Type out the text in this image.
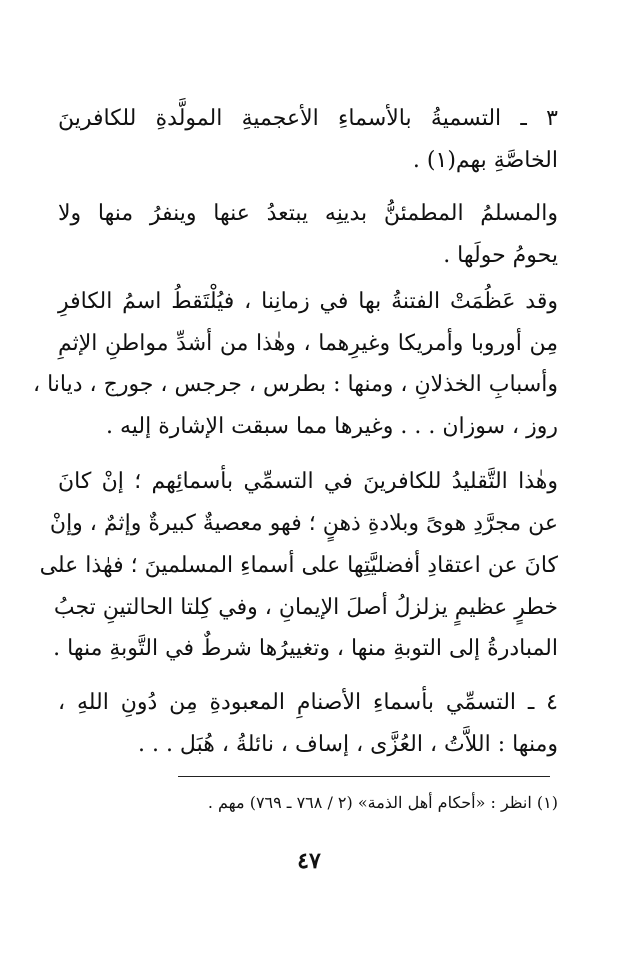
٣ ـ التسميةُ بالأسماءِ الأعجميةِ المولَّدةِ للكافرينَ
الخاصَّةِ بهم(١) .
والمسلمُ المطمئنُّ بدينِه يبتعدُ عنها وينفرُ منها ولا
يحومُ حولَها .
وقد عَظُمَتْ الفتنةُ بها في زمانِنا ، فيُلْتَقطُ اسمُ الكافرِ
مِن أوروبا وأمريكا وغيرِهما ، وهٰذا من أشدِّ مواطنِ الإثمِ
وأسبابِ الخذلانِ ، ومنها : بطرس ، جرجس ، جورج ، ديانا ،
روز ، سوزان . . . وغيرها مما سبقت الإشارة إليه .
وهٰذا التَّقليدُ للكافرينَ في التسمِّي بأسمائِهم ؛ إنْ كانَ
عن مجرَّدِ هوىً وبلادةِ ذهنٍ ؛ فهو معصيةٌ كبيرةٌ وإثمٌ ، وإنْ
كانَ عن اعتقادِ أفضليَّتِها على أسماءِ المسلمينَ ؛ فهٰذا على
خطرٍ عظيمٍ يزلزلُ أصلَ الإيمانِ ، وفي كِلتا الحالتينِ تجبُ
المبادرةُ إلى التوبةِ منها ، وتغييرُها شرطٌ في التَّوبةِ منها .
٤ ـ التسمِّي بأسماءِ الأصنامِ المعبودةِ مِن دُونِ اللهِ ،
ومنها : اللاَّتُ ، العُزَّى ، إساف ، نائلةُ ، هُبَل . . .
(١) انظر : «أحكام أهل الذمة» (٢ / ٧٦٨ ـ ٧٦٩) مهم .
٤٧
